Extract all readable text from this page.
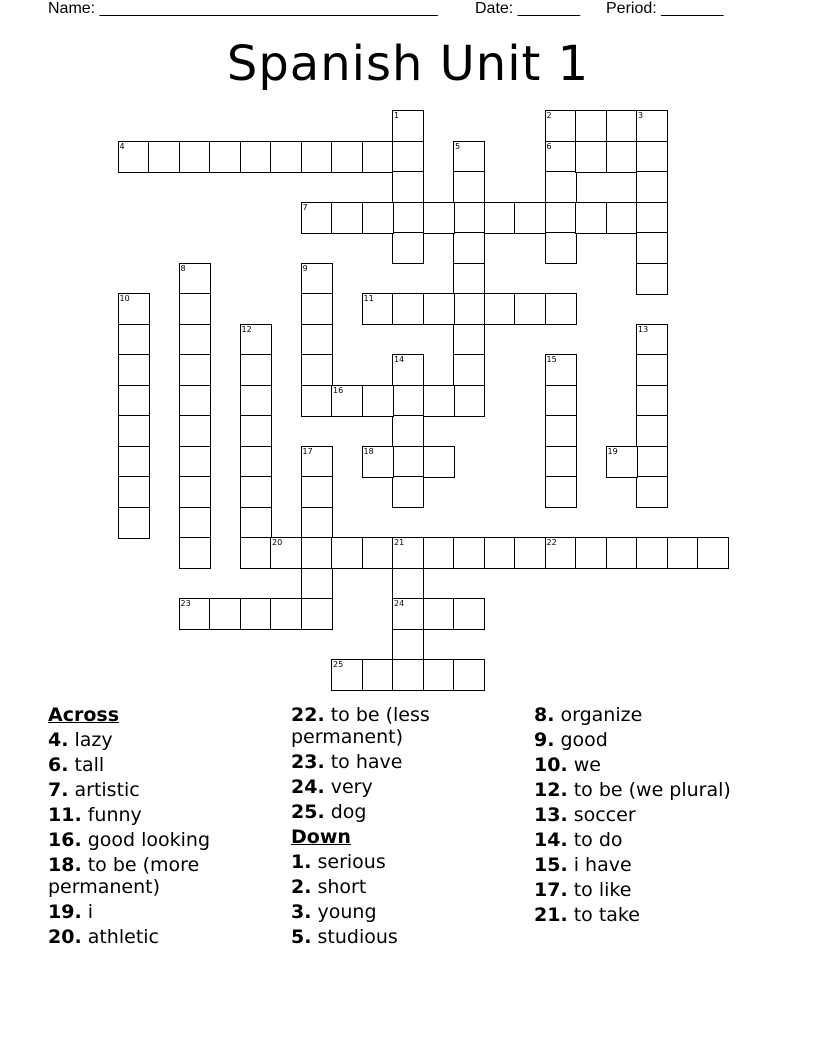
Name: ______________________________________ Date: _______ Period: _______
Spanish Unit 1
1	2
6
3
4	5
7
8	9
10	11
12	13
14	15
16
17	18	19
20	21	22
24
23
25
Across
4. lazy
6. tall
7. artistic
11. funny
16. good looking
18. to be (more permanent)
19. i
20. athletic
22. to be (less permanent)
23. to have
24. very
25. dog
Down
1. serious
2. short
3. young
5. studious
8. organize
9. good
10. we
12. to be (we plural)
13. soccer
14. to do
15. i have
17. to like
21. to take
